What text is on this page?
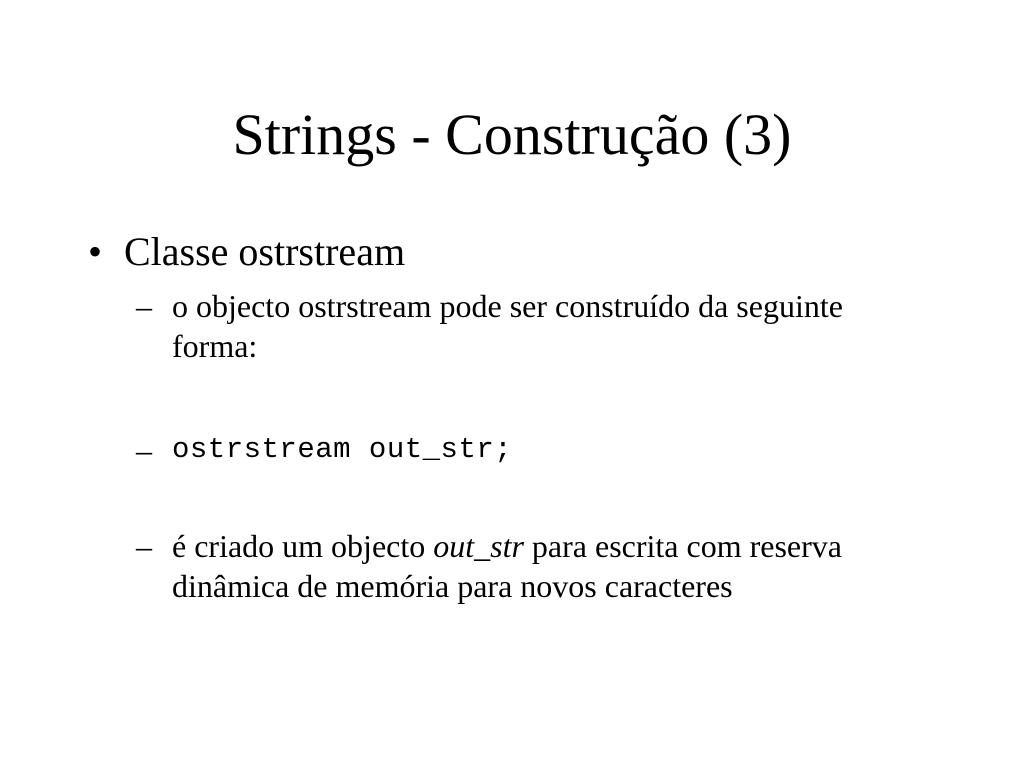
Strings - Construção (3)
• Classe ostrstream
– o objecto ostrstream pode ser construído da seguinte forma:
– ostrstream out_str;
– é criado um objecto out_str para escrita com reserva dinâmica de memória para novos caracteres
